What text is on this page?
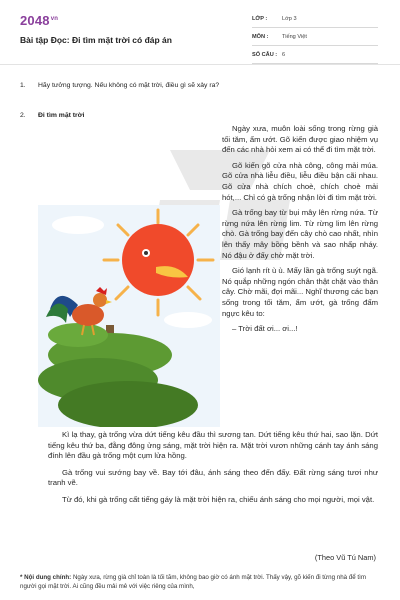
$2048^{vn}$
Bài tập Đọc: Đi tìm mặt trời có đáp án
LỚP :	Lớp 3
MÔN : Tiếng Việt
SỐ CÂU : 6
1. Hãy tưởng tượng. Nếu không có mặt trời, điều gì sẽ xảy ra?
2. Đi tìm mặt trời

Ngày xưa, muôn loài sống trong rừng già tối tăm, ẩm ướt. Gõ kiến được giao nhiệm vụ đến các nhà hỏi xem ai có thể đi tìm mặt trời.

Gõ kiến gõ cửa nhà công, công mải múa. Gõ cửa nhà liễu điều, liễu điều bận cãi nhau. Gõ cửa nhà chích choè, chích choè mải hót,... Chỉ có gà trống nhận lời đi tìm mặt trời.

Gà trống bay từ bụi mây lên rừng nứa. Từ rừng nứa lên rừng lim. Từ rừng lim lên rừng chò. Gà trống bay đến cây chò cao nhất, nhìn lên thấy mây bồng bềnh và sao nhấp nháy. Nó đậu ở đấy chờ mặt trời.

Gió lạnh rít ù ù. Mấy lần gà trống suýt ngã. Nó quắp những ngón chân thật chặt vào thân cây. Chờ mãi, đợi mãi... Nghĩ thương các bạn sống trong tối tăm, ẩm ướt, gà trống đấm ngực kêu to:

– Trời đất ơi... ơi...!

Kì lạ thay, gà trống vừa dứt tiếng kêu đầu thì sương tan. Dứt tiếng kêu thứ hai, sao lặn. Dứt tiếng kêu thứ ba, đằng đông ửng sáng, mặt trời hiện ra. Mặt trời vươn những cánh tay ánh sáng đính lên đầu gà trống một cụm lửa hồng.

Gà trống vui sướng bay về. Bay tới đâu, ánh sáng theo đến đấy. Đất rừng sáng tươi như tranh vẽ.

Từ đó, khi gà trống cất tiếng gáy là mặt trời hiện ra, chiếu ánh sáng cho mọi người, mọi vật.

(Theo Vũ Tú Nam)
* Nội dung chính: Ngày xưa, rừng già chỉ toàn là tối tăm, không bao giờ có ánh mặt trời. Thấy vậy, gõ kiến đi từng nhà để tìm người gọi mặt trời. Ai cũng đều mải mê với việc riêng của mình,
